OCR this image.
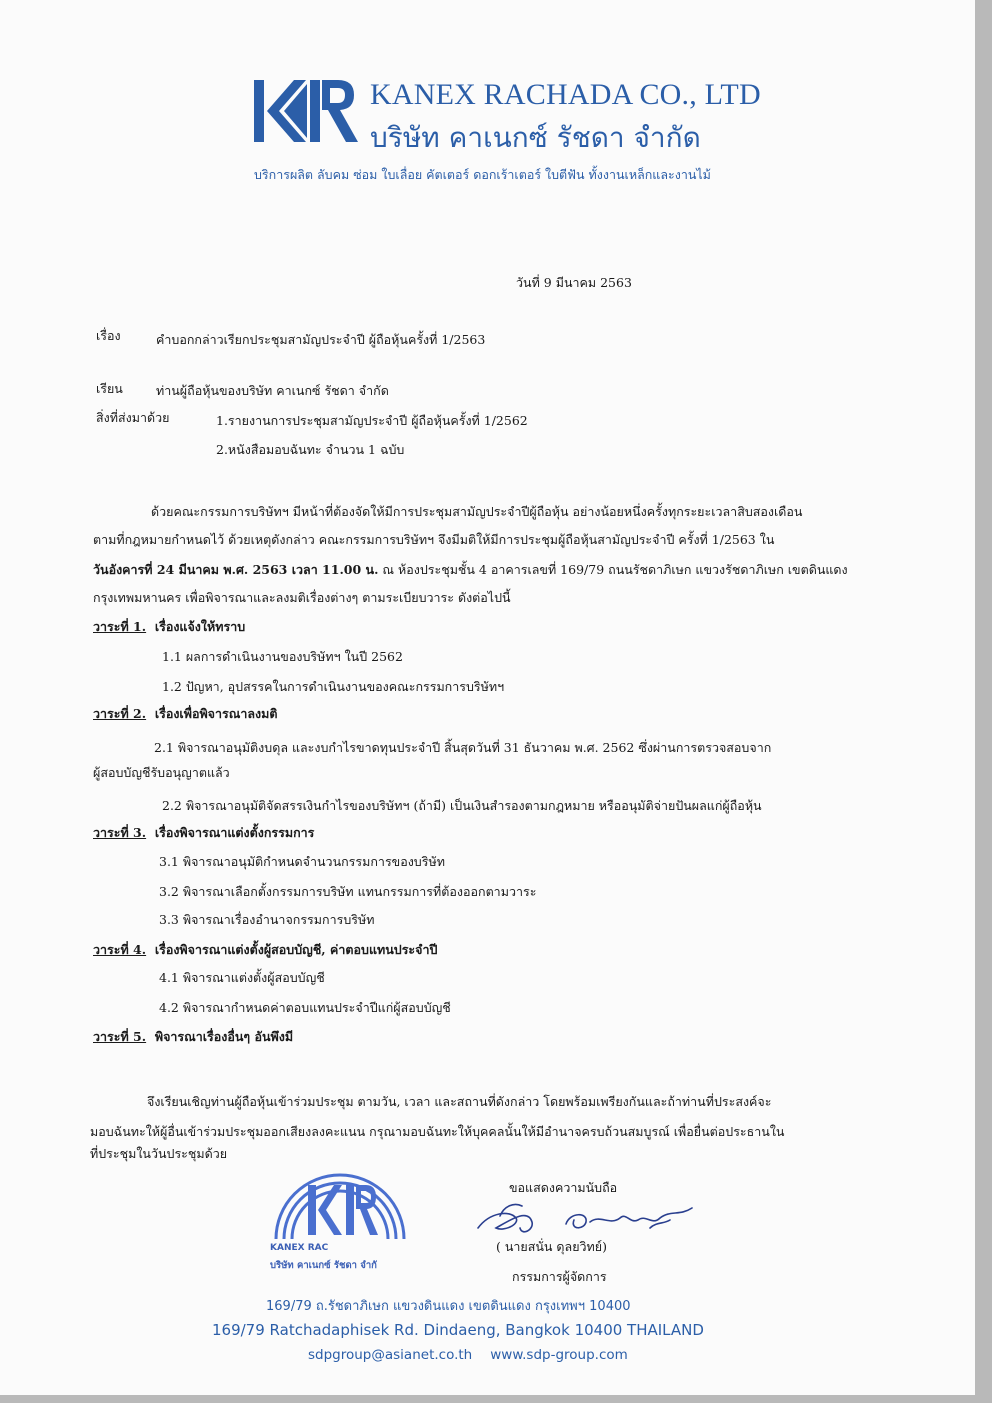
KANEX RACHADA CO., LTD
บริษัท คาเนกซ์ รัชดา จำกัด
บริการผลิต ลับคม ซ่อม ใบเลื่อย คัตเตอร์ ดอกเร้าเตอร์ ใบตีฟัน ทั้งงานเหล็กและงานไม้
วันที่ 9 มีนาคม 2563
เรื่อง	คำบอกกล่าวเรียกประชุมสามัญประจำปี ผู้ถือหุ้นครั้งที่ 1/2563
เรียน	ท่านผู้ถือหุ้นของบริษัท คาเนกซ์ รัชดา จำกัด
สิ่งที่ส่งมาด้วย	1.รายงานการประชุมสามัญประจำปี ผู้ถือหุ้นครั้งที่ 1/2562
2.หนังสือมอบฉันทะ จำนวน 1 ฉบับ
ด้วยคณะกรรมการบริษัทฯ มีหน้าที่ต้องจัดให้มีการประชุมสามัญประจำปีผู้ถือหุ้น อย่างน้อยหนึ่งครั้งทุกระยะเวลาสิบสองเดือน
ตามที่กฎหมายกำหนดไว้ ด้วยเหตุดังกล่าว คณะกรรมการบริษัทฯ จึงมีมติให้มีการประชุมผู้ถือหุ้นสามัญประจำปี ครั้งที่ 1/2563 ใน
วันอังคารที่ 24 มีนาคม พ.ศ. 2563 เวลา 11.00 น. ณ ห้องประชุมชั้น 4 อาคารเลขที่ 169/79 ถนนรัชดาภิเษก แขวงรัชดาภิเษก เขตดินแดง
กรุงเทพมหานคร เพื่อพิจารณาและลงมติเรื่องต่างๆ ตามระเบียบวาระ ดังต่อไปนี้
วาระที่ 1. เรื่องแจ้งให้ทราบ
1.1 ผลการดำเนินงานของบริษัทฯ ในปี 2562
1.2 ปัญหา, อุปสรรคในการดำเนินงานของคณะกรรมการบริษัทฯ
วาระที่ 2. เรื่องเพื่อพิจารณาลงมติ
2.1 พิจารณาอนุมัติงบดุล และงบกำไรขาดทุนประจำปี สิ้นสุดวันที่ 31 ธันวาคม พ.ศ. 2562 ซึ่งผ่านการตรวจสอบจาก
ผู้สอบบัญชีรับอนุญาตแล้ว
2.2 พิจารณาอนุมัติจัดสรรเงินกำไรของบริษัทฯ (ถ้ามี) เป็นเงินสำรองตามกฎหมาย หรืออนุมัติจ่ายปันผลแก่ผู้ถือหุ้น
วาระที่ 3. เรื่องพิจารณาแต่งตั้งกรรมการ
3.1 พิจารณาอนุมัติกำหนดจำนวนกรรมการของบริษัท
3.2 พิจารณาเลือกตั้งกรรมการบริษัท แทนกรรมการที่ต้องออกตามวาระ
3.3 พิจารณาเรื่องอำนาจกรรมการบริษัท
วาระที่ 4. เรื่องพิจารณาแต่งตั้งผู้สอบบัญชี, ค่าตอบแทนประจำปี
4.1 พิจารณาแต่งตั้งผู้สอบบัญชี
4.2 พิจารณากำหนดค่าตอบแทนประจำปีแก่ผู้สอบบัญชี
วาระที่ 5. พิจารณาเรื่องอื่นๆ อันพึงมี
จึงเรียนเชิญท่านผู้ถือหุ้นเข้าร่วมประชุม ตามวัน, เวลา และสถานที่ดังกล่าว โดยพร้อมเพรียงกันและถ้าท่านที่ประสงค์จะ
มอบฉันทะให้ผู้อื่นเข้าร่วมประชุมออกเสียงลงคะแนน กรุณามอบฉันทะให้บุคคลนั้นให้มีอำนาจครบถ้วนสมบูรณ์ เพื่อยื่นต่อประธานใน
ที่ประชุมในวันประชุมด้วย
KANEX RAC
บริษัท คาเนกซ์ รัชดา จำกั
ขอแสดงความนับถือ
( นายสนั่น ดุลยวิทย์)
กรรมการผู้จัดการ
169/79 ถ.รัชดาภิเษก แขวงดินแดง เขตดินแดง กรุงเทพฯ 10400
169/79 Ratchadaphisek Rd. Dindaeng, Bangkok 10400 THAILAND
sdpgroup@asianet.co.th www.sdp-group.com
